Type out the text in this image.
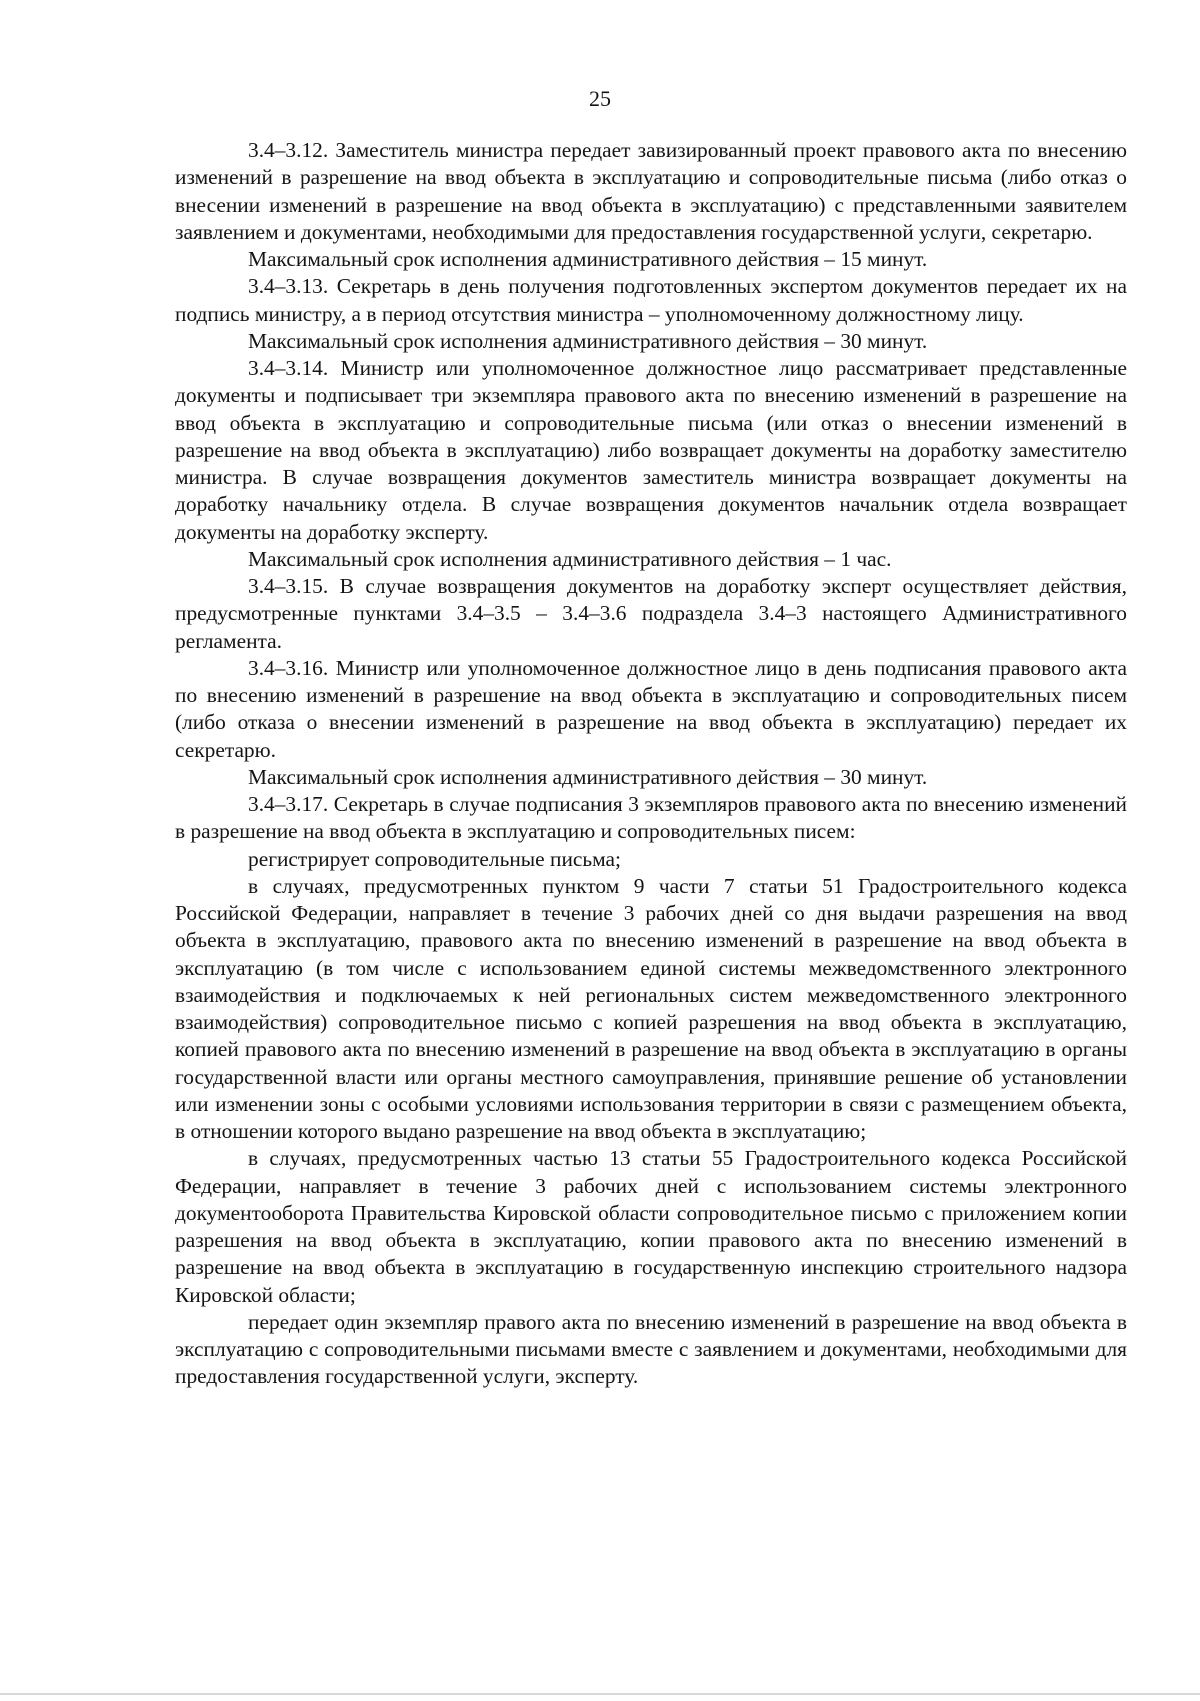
25

3.4–3.12. Заместитель министра передает завизированный проект правового акта по внесению изменений в разрешение на ввод объекта в эксплуатацию и сопроводительные письма (либо отказ о внесении изменений в разрешение на ввод объекта в эксплуатацию) с представленными заявителем заявлением и документами, необходимыми для предоставления государственной услуги, секретарю.

Максимальный срок исполнения административного действия – 15 минут.

3.4–3.13. Секретарь в день получения подготовленных экспертом документов передает их на подпись министру, а в период отсутствия министра – уполномоченному должностному лицу.

Максимальный срок исполнения административного действия – 30 минут.

3.4–3.14. Министр или уполномоченное должностное лицо рассматривает представленные документы и подписывает три экземпляра правового акта по внесению изменений в разрешение на ввод объекта в эксплуатацию и сопроводительные письма (или отказ о внесении изменений в разрешение на ввод объекта в эксплуатацию) либо возвращает документы на доработку заместителю министра. В случае возвращения документов заместитель министра возвращает документы на доработку начальнику отдела. В случае возвращения документов начальник отдела возвращает документы на доработку эксперту.

Максимальный срок исполнения административного действия – 1 час.

3.4–3.15. В случае возвращения документов на доработку эксперт осуществляет действия, предусмотренные пунктами 3.4–3.5 – 3.4–3.6 подраздела 3.4–3 настоящего Административного регламента.

3.4–3.16. Министр или уполномоченное должностное лицо в день подписания правового акта по внесению изменений в разрешение на ввод объекта в эксплуатацию и сопроводительных писем (либо отказа о внесении изменений в разрешение на ввод объекта в эксплуатацию) передает их секретарю.

Максимальный срок исполнения административного действия – 30 минут.

3.4–3.17. Секретарь в случае подписания 3 экземпляров правового акта по внесению изменений в разрешение на ввод объекта в эксплуатацию и сопроводительных писем:

регистрирует сопроводительные письма;

в случаях, предусмотренных пунктом 9 части 7 статьи 51 Градостроительного кодекса Российской Федерации, направляет в течение 3 рабочих дней со дня выдачи разрешения на ввод объекта в эксплуатацию, правового акта по внесению изменений в разрешение на ввод объекта в эксплуатацию (в том числе с использованием единой системы межведомственного электронного взаимодействия и подключаемых к ней региональных систем межведомственного электронного взаимодействия) сопроводительное письмо с копией разрешения на ввод объекта в эксплуатацию, копией правового акта по внесению изменений в разрешение на ввод объекта в эксплуатацию в органы государственной власти или органы местного самоуправления, принявшие решение об установлении или изменении зоны с особыми условиями использования территории в связи с размещением объекта, в отношении которого выдано разрешение на ввод объекта в эксплуатацию;

в случаях, предусмотренных частью 13 статьи 55 Градостроительного кодекса Российской Федерации, направляет в течение 3 рабочих дней с использованием системы электронного документооборота Правительства Кировской области сопроводительное письмо с приложением копии разрешения на ввод объекта в эксплуатацию, копии правового акта по внесению изменений в разрешение на ввод объекта в эксплуатацию в государственную инспекцию строительного надзора Кировской области;

передает один экземпляр правого акта по внесению изменений в разрешение на ввод объекта в эксплуатацию с сопроводительными письмами вместе с заявлением и документами, необходимыми для предоставления государственной услуги, эксперту.
